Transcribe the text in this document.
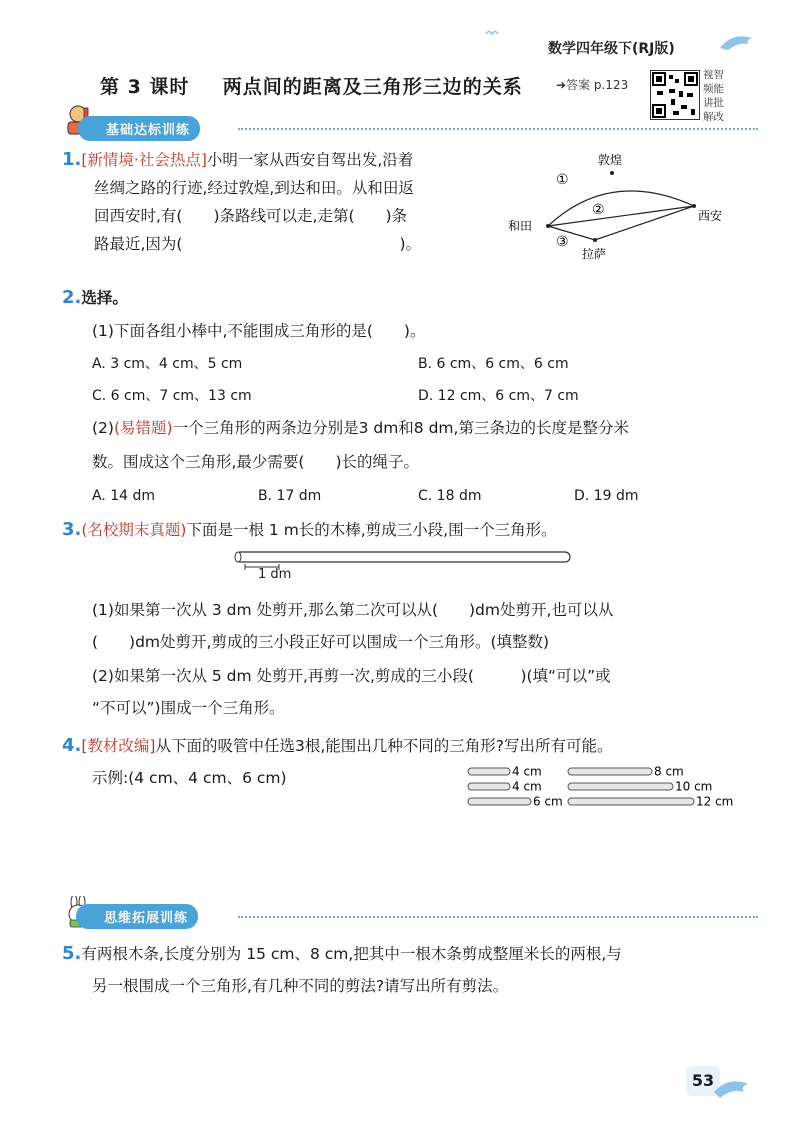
数学四年级下(RJ版)
第 3 课时 两点间的距离及三角形三边的关系	➜答案 p.123
视智 频能 讲批 解改
基础达标训练
1.[新情境·社会热点]小明一家从西安自驾出发,沿着
丝绸之路的行迹,经过敦煌,到达和田。从和田返
回西安时,有(　　)条路线可以走,走第(　　)条
路最近,因为(　　　　　　　　　　　　　　)。
敦煌
西安
和田
拉萨
①
②
③
2.选择。
(1)下面各组小棒中,不能围成三角形的是(　　)。
A. 3 cm、4 cm、5 cm	B. 6 cm、6 cm、6 cm
C. 6 cm、7 cm、13 cm	D. 12 cm、6 cm、7 cm
(2)(易错题)一个三角形的两条边分别是3 dm和8 dm,第三条边的长度是整分米
数。围成这个三角形,最少需要(　　)长的绳子。
A. 14 dm	B. 17 dm	C. 18 dm	D. 19 dm
3.(名校期末真题)下面是一根 1 m长的木棒,剪成三小段,围一个三角形。
1 dm
(1)如果第一次从 3 dm 处剪开,那么第二次可以从(　　)dm处剪开,也可以从
(　　)dm处剪开,剪成的三小段正好可以围成一个三角形。(填整数)
(2)如果第一次从 5 dm 处剪开,再剪一次,剪成的三小段(　　　)(填“可以”或
“不可以”)围成一个三角形。
4.[教材改编]从下面的吸管中任选3根,能围出几种不同的三角形?写出所有可能。
示例:(4 cm、4 cm、6 cm)	4 cm
4 cm
6 cm
8 cm
10 cm
12 cm
思维拓展训练
5.有两根木条,长度分别为 15 cm、8 cm,把其中一根木条剪成整厘米长的两根,与
另一根围成一个三角形,有几种不同的剪法?请写出所有剪法。
53
